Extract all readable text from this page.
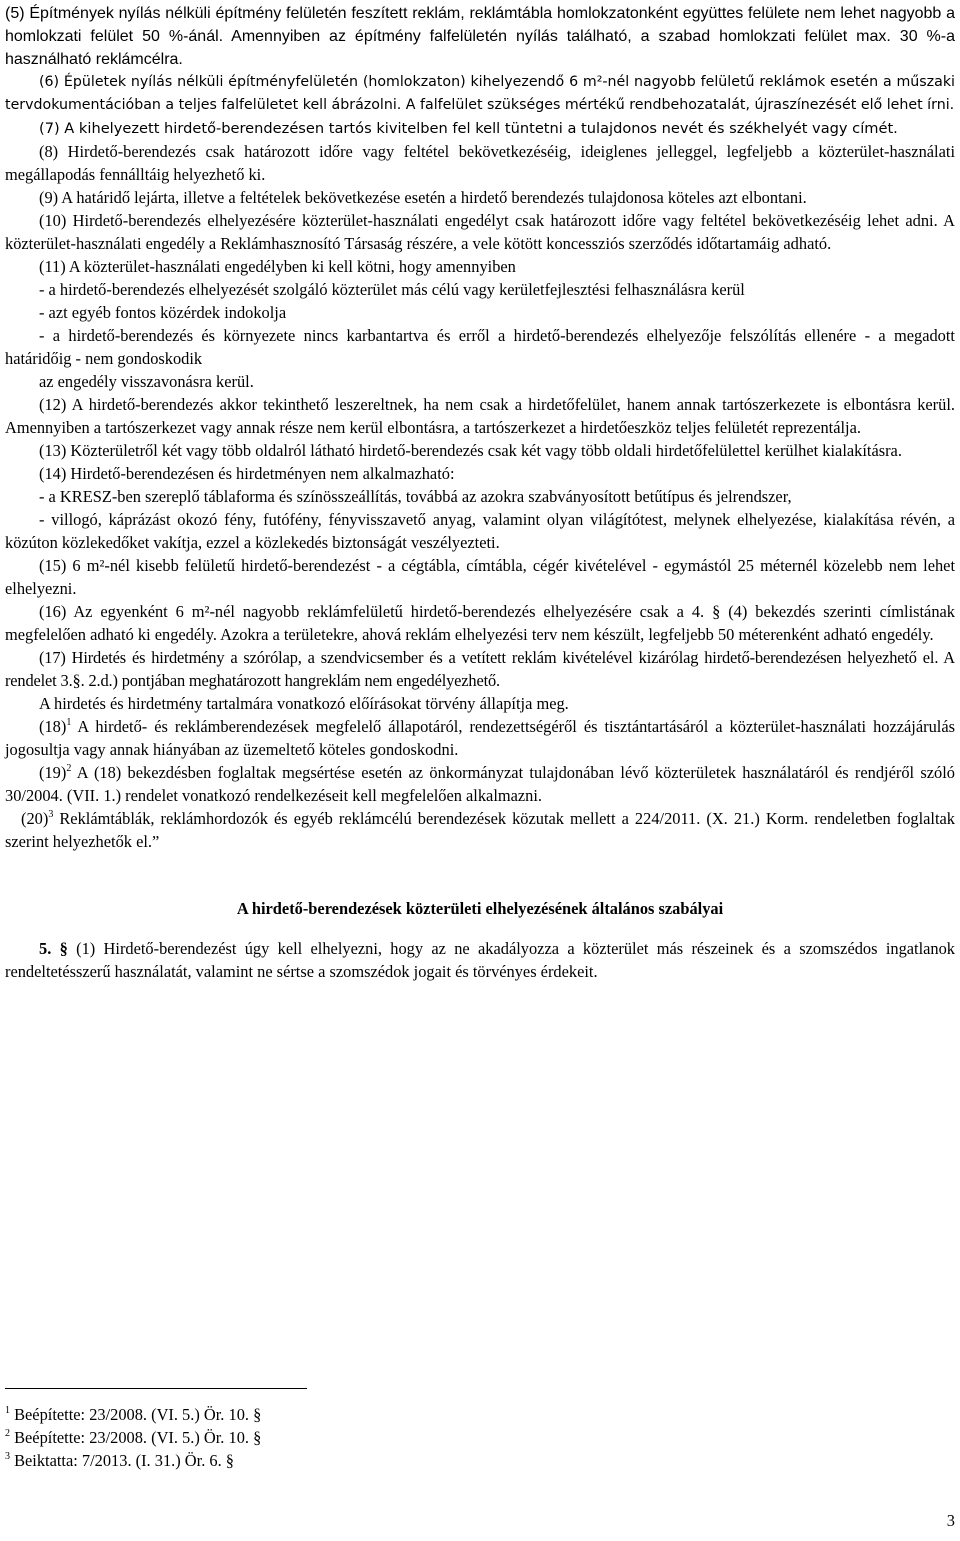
(5) Építmények nyílás nélküli építmény felületén feszített reklám, reklámtábla homlokzatonként együttes felülete nem lehet nagyobb a homlokzati felület 50 %-ánál. Amennyiben az építmény falfelületén nyílás található, a szabad homlokzati felület max. 30 %-a használható reklámcélra.

(6) Épületek nyílás nélküli építményfelületén (homlokzaton) kihelyezendő 6 m²-nél nagyobb felületű reklámok esetén a műszaki tervdokumentációban a teljes falfelületet kell ábrázolni. A falfelület szükséges mértékű rendbehozatalát, újraszínezését elő lehet írni.

(7) A kihelyezett hirdető-berendezésen tartós kivitelben fel kell tüntetni a tulajdonos nevét és székhelyét vagy címét.

(8) Hirdető-berendezés csak határozott időre vagy feltétel bekövetkezéséig, ideiglenes jelleggel, legfeljebb a közterület-használati megállapodás fennálltáig helyezhető ki.

(9) A határidő lejárta, illetve a feltételek bekövetkezése esetén a hirdető berendezés tulajdonosa köteles azt elbontani.

(10) Hirdető-berendezés elhelyezésére közterület-használati engedélyt csak határozott időre vagy feltétel bekövetkezéséig lehet adni. A közterület-használati engedély a Reklámhasznosító Társaság részére, a vele kötött koncessziós szerződés időtartamáig adható.

(11) A közterület-használati engedélyben ki kell kötni, hogy amennyiben

- a hirdető-berendezés elhelyezését szolgáló közterület más célú vagy kerületfejlesztési felhasználásra kerül

- azt egyéb fontos közérdek indokolja

- a hirdető-berendezés és környezete nincs karbantartva és erről a hirdető-berendezés elhelyezője felszólítás ellenére - a megadott határidőig - nem gondoskodik

az engedély visszavonásra kerül.

(12) A hirdető-berendezés akkor tekinthető leszereltnek, ha nem csak a hirdetőfelület, hanem annak tartószerkezete is elbontásra kerül. Amennyiben a tartószerkezet vagy annak része nem kerül elbontásra, a tartószerkezet a hirdetőeszköz teljes felületét reprezentálja.

(13) Közterületről két vagy több oldalról látható hirdető-berendezés csak két vagy több oldali hirdetőfelülettel kerülhet kialakításra.

(14) Hirdető-berendezésen és hirdetményen nem alkalmazható:

- a KRESZ-ben szereplő táblaforma és színösszeállítás, továbbá az azokra szabványosított betűtípus és jelrendszer,

- villogó, káprázást okozó fény, futófény, fényvisszavető anyag, valamint olyan világítótest, melynek elhelyezése, kialakítása révén, a közúton közlekedőket vakítja, ezzel a közlekedés biztonságát veszélyezteti.

(15) 6 m²-nél kisebb felületű hirdető-berendezést - a cégtábla, címtábla, cégér kivételével - egymástól 25 méternél közelebb nem lehet elhelyezni.

(16) Az egyenként 6 m²-nél nagyobb reklámfelületű hirdető-berendezés elhelyezésére csak a 4. § (4) bekezdés szerinti címlistának megfelelően adható ki engedély. Azokra a területekre, ahová reklám elhelyezési terv nem készült, legfeljebb 50 méterenként adható engedély.

(17) Hirdetés és hirdetmény a szórólap, a szendvicsember és a vetített reklám kivételével kizárólag hirdető-berendezésen helyezhető el. A rendelet 3.§. 2.d.) pontjában meghatározott hangreklám nem engedélyezhető.

A hirdetés és hirdetmény tartalmára vonatkozó előírásokat törvény állapítja meg.

$(18)^1$ A hirdető- és reklámberendezések megfelelő állapotáról, rendezettségéről és tisztántartásáról a közterület-használati hozzájárulás jogosultja vagy annak hiányában az üzemeltető köteles gondoskodni.

$(19)^2$ A (18) bekezdésben foglaltak megsértése esetén az önkormányzat tulajdonában lévő közterületek használatáról és rendjéről szóló 30/2004. (VII. 1.) rendelet vonatkozó rendelkezéseit kell megfelelően alkalmazni.

$(20)^3$ Reklámtáblák, reklámhordozók és egyéb reklámcélú berendezések közutak mellett a 224/2011. (X. 21.) Korm. rendeletben foglaltak szerint helyezhetők el.”

A hirdető-berendezések közterületi elhelyezésének általános szabályai

5. § (1) Hirdető-berendezést úgy kell elhelyezni, hogy az ne akadályozza a közterület más részeinek és a szomszédos ingatlanok rendeltetésszerű használatát, valamint ne sértse a szomszédok jogait és törvényes érdekeit.

$^1$ Beépítette: 23/2008. (VI. 5.) Ör. 10. §

$^2$ Beépítette: 23/2008. (VI. 5.) Ör. 10. §

$^3$ Beiktatta: 7/2013. (I. 31.) Ör. 6. §

3
